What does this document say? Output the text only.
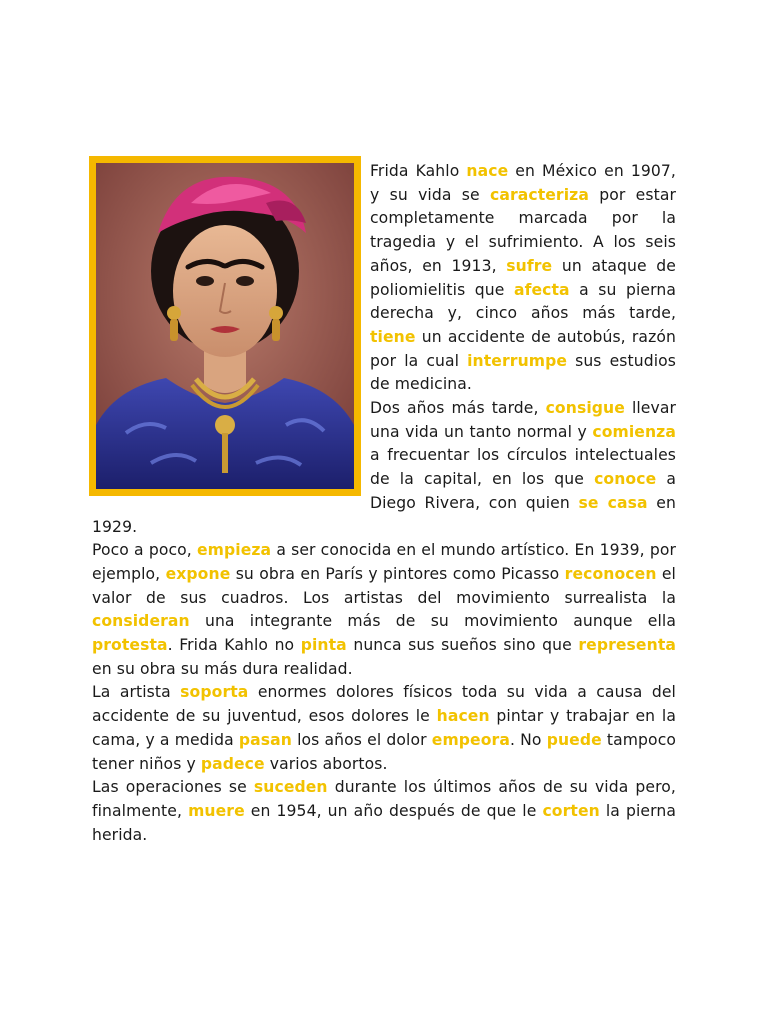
Frida Kahlo nace en México en 1907, y su vida se caracteriza por estar completamente marcada por la tragedia y el sufrimiento. A los seis años, en 1913, sufre un ataque de poliomielitis que afecta a su pierna derecha y, cinco años más tarde, tiene un accidente de autobús, razón por la cual interrumpe sus estudios de medicina.

Dos años más tarde, consigue llevar una vida un tanto normal y comienza a frecuentar los círculos intelectuales de la capital, en los que conoce a Diego Rivera, con quien se casa en 1929.

Poco a poco, empieza a ser conocida en el mundo artístico. En 1939, por ejemplo, expone su obra en París y pintores como Picasso reconocen el valor de sus cuadros. Los artistas del movimiento surrealista la consideran una integrante más de su movimiento aunque ella protesta. Frida Kahlo no pinta nunca sus sueños sino que representa en su obra su más dura realidad.

La artista soporta enormes dolores físicos toda su vida a causa del accidente de su juventud, esos dolores le hacen pintar y trabajar en la cama, y a medida pasan los años el dolor empeora. No puede tampoco tener niños y padece varios abortos.

Las operaciones se suceden durante los últimos años de su vida pero, finalmente, muere en 1954, un año después de que le corten la pierna herida.
